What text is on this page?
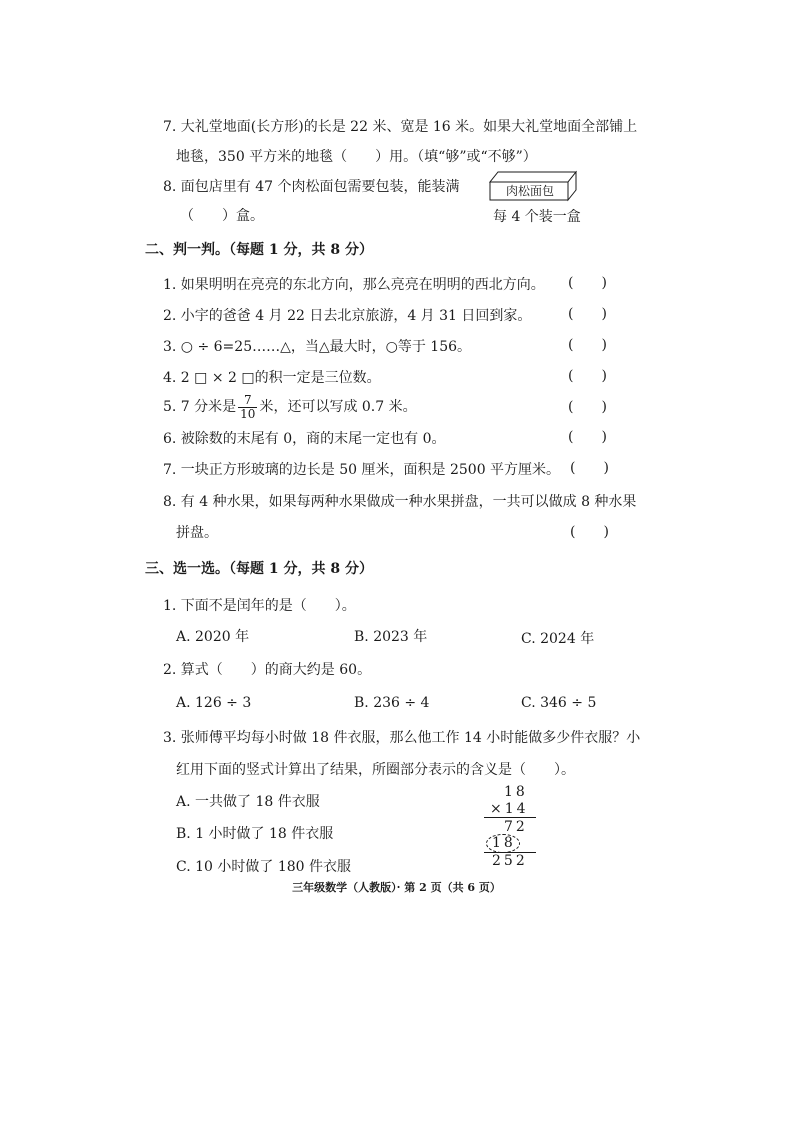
7. 大礼堂地面(长方形)的长是 22 米、宽是 16 米。如果大礼堂地面全部铺上
地毯，350 平方米的地毯（　　）用。（填“够”或“不够”）
8. 面包店里有 47 个肉松面包需要包装，能装满
（　　）盒。
肉松面包
每 4 个装一盒
二、判一判。（每题 1 分，共 8 分）
1. 如果明明在亮亮的东北方向，那么亮亮在明明的西北方向。 (　　)
2. 小宇的爸爸 4 月 22 日去北京旅游，4 月 31 日回到家。	(　　)
3. ○ ÷ 6=25……△，当△最大时，○等于 156。	(　　)
4. 2 □ × 2 □的积一定是三位数。	(　　)
5. 7 分米是 $\frac{7}{10}$ 米，还可以写成 0.7 米。	(　　)
6. 被除数的末尾有 0，商的末尾一定也有 0。	(　　)
7. 一块正方形玻璃的边长是 50 厘米，面积是 2500 平方厘米。 (　　)
8. 有 4 种水果，如果每两种水果做成一种水果拼盘，一共可以做成 8 种水果
拼盘。	(　　)
三、选一选。（每题 1 分，共 8 分）
1. 下面不是闰年的是（　　）。
A. 2020 年	B. 2023 年	C. 2024 年
2. 算式（　　）的商大约是 60。
A. 126 ÷ 3	B. 236 ÷ 4	C. 346 ÷ 5
3. 张师傅平均每小时做 18 件衣服，那么他工作 14 小时能做多少件衣服？小
红用下面的竖式计算出了结果，所圈部分表示的含义是（　　）。
A. 一共做了 18 件衣服
B. 1 小时做了 18 件衣服
C. 10 小时做了 180 件衣服
18
×14
72
18
252
三年级数学（人教版）· 第 2 页（共 6 页）
